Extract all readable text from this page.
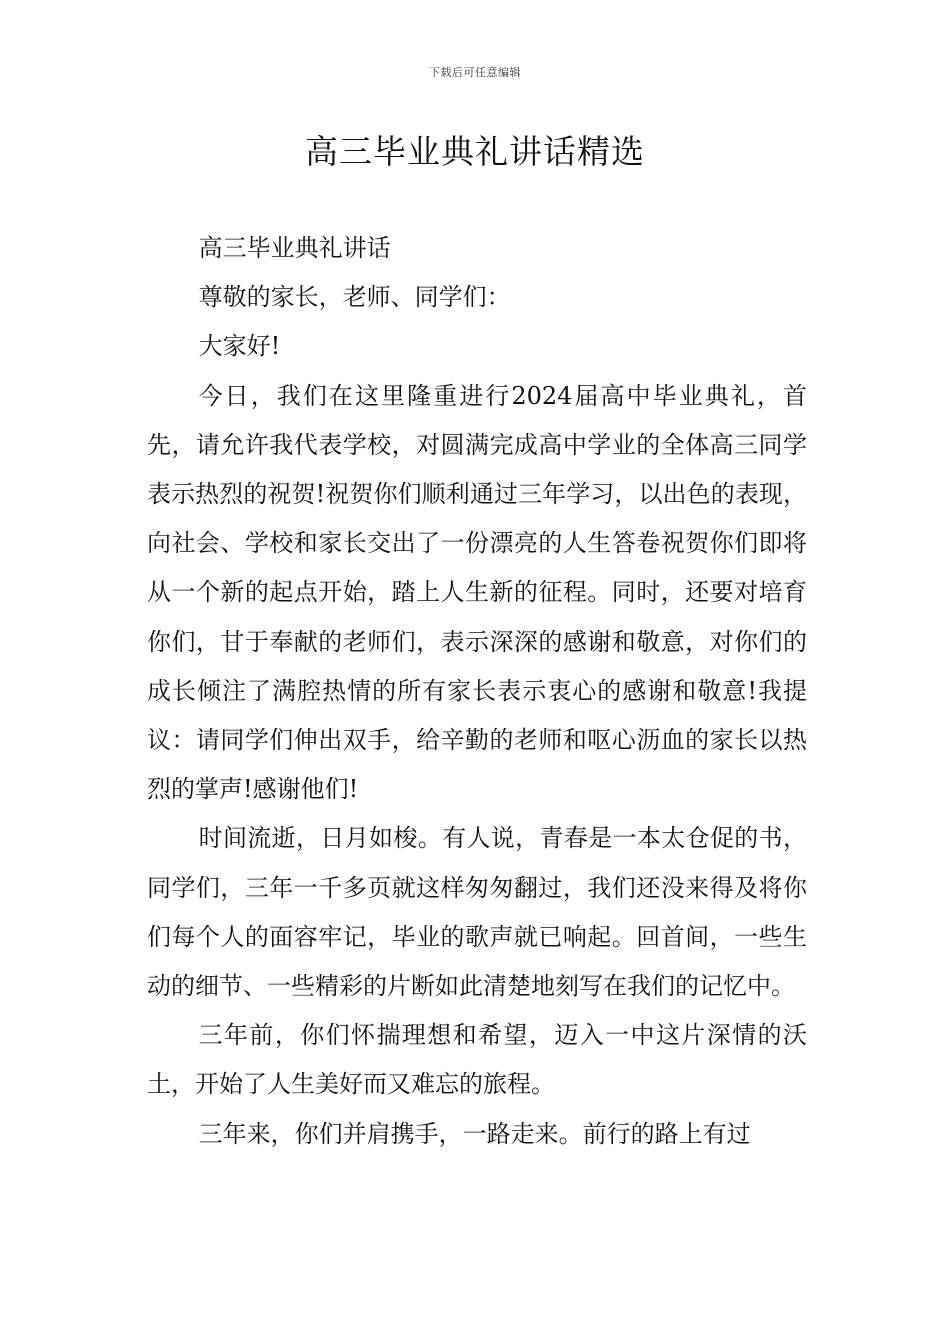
下载后可任意编辑
高三毕业典礼讲话精选

高三毕业典礼讲话

尊敬的家长，老师、同学们：

大家好!

今日，我们在这里隆重进行2024届高中毕业典礼，首先，请允许我代表学校，对圆满完成高中学业的全体高三同学表示热烈的祝贺!祝贺你们顺利通过三年学习，以出色的表现，向社会、学校和家长交出了一份漂亮的人生答卷祝贺你们即将从一个新的起点开始，踏上人生新的征程。同时，还要对培育你们，甘于奉献的老师们，表示深深的感谢和敬意，对你们的成长倾注了满腔热情的所有家长表示衷心的感谢和敬意!我提议：请同学们伸出双手，给辛勤的老师和呕心沥血的家长以热烈的掌声!感谢他们!

时间流逝，日月如梭。有人说，青春是一本太仓促的书，同学们，三年一千多页就这样匆匆翻过，我们还没来得及将你们每个人的面容牢记，毕业的歌声就已响起。回首间，一些生动的细节、一些精彩的片断如此清楚地刻写在我们的记忆中。

三年前，你们怀揣理想和希望，迈入一中这片深情的沃土，开始了人生美好而又难忘的旅程。

三年来，你们并肩携手，一路走来。前行的路上有过
